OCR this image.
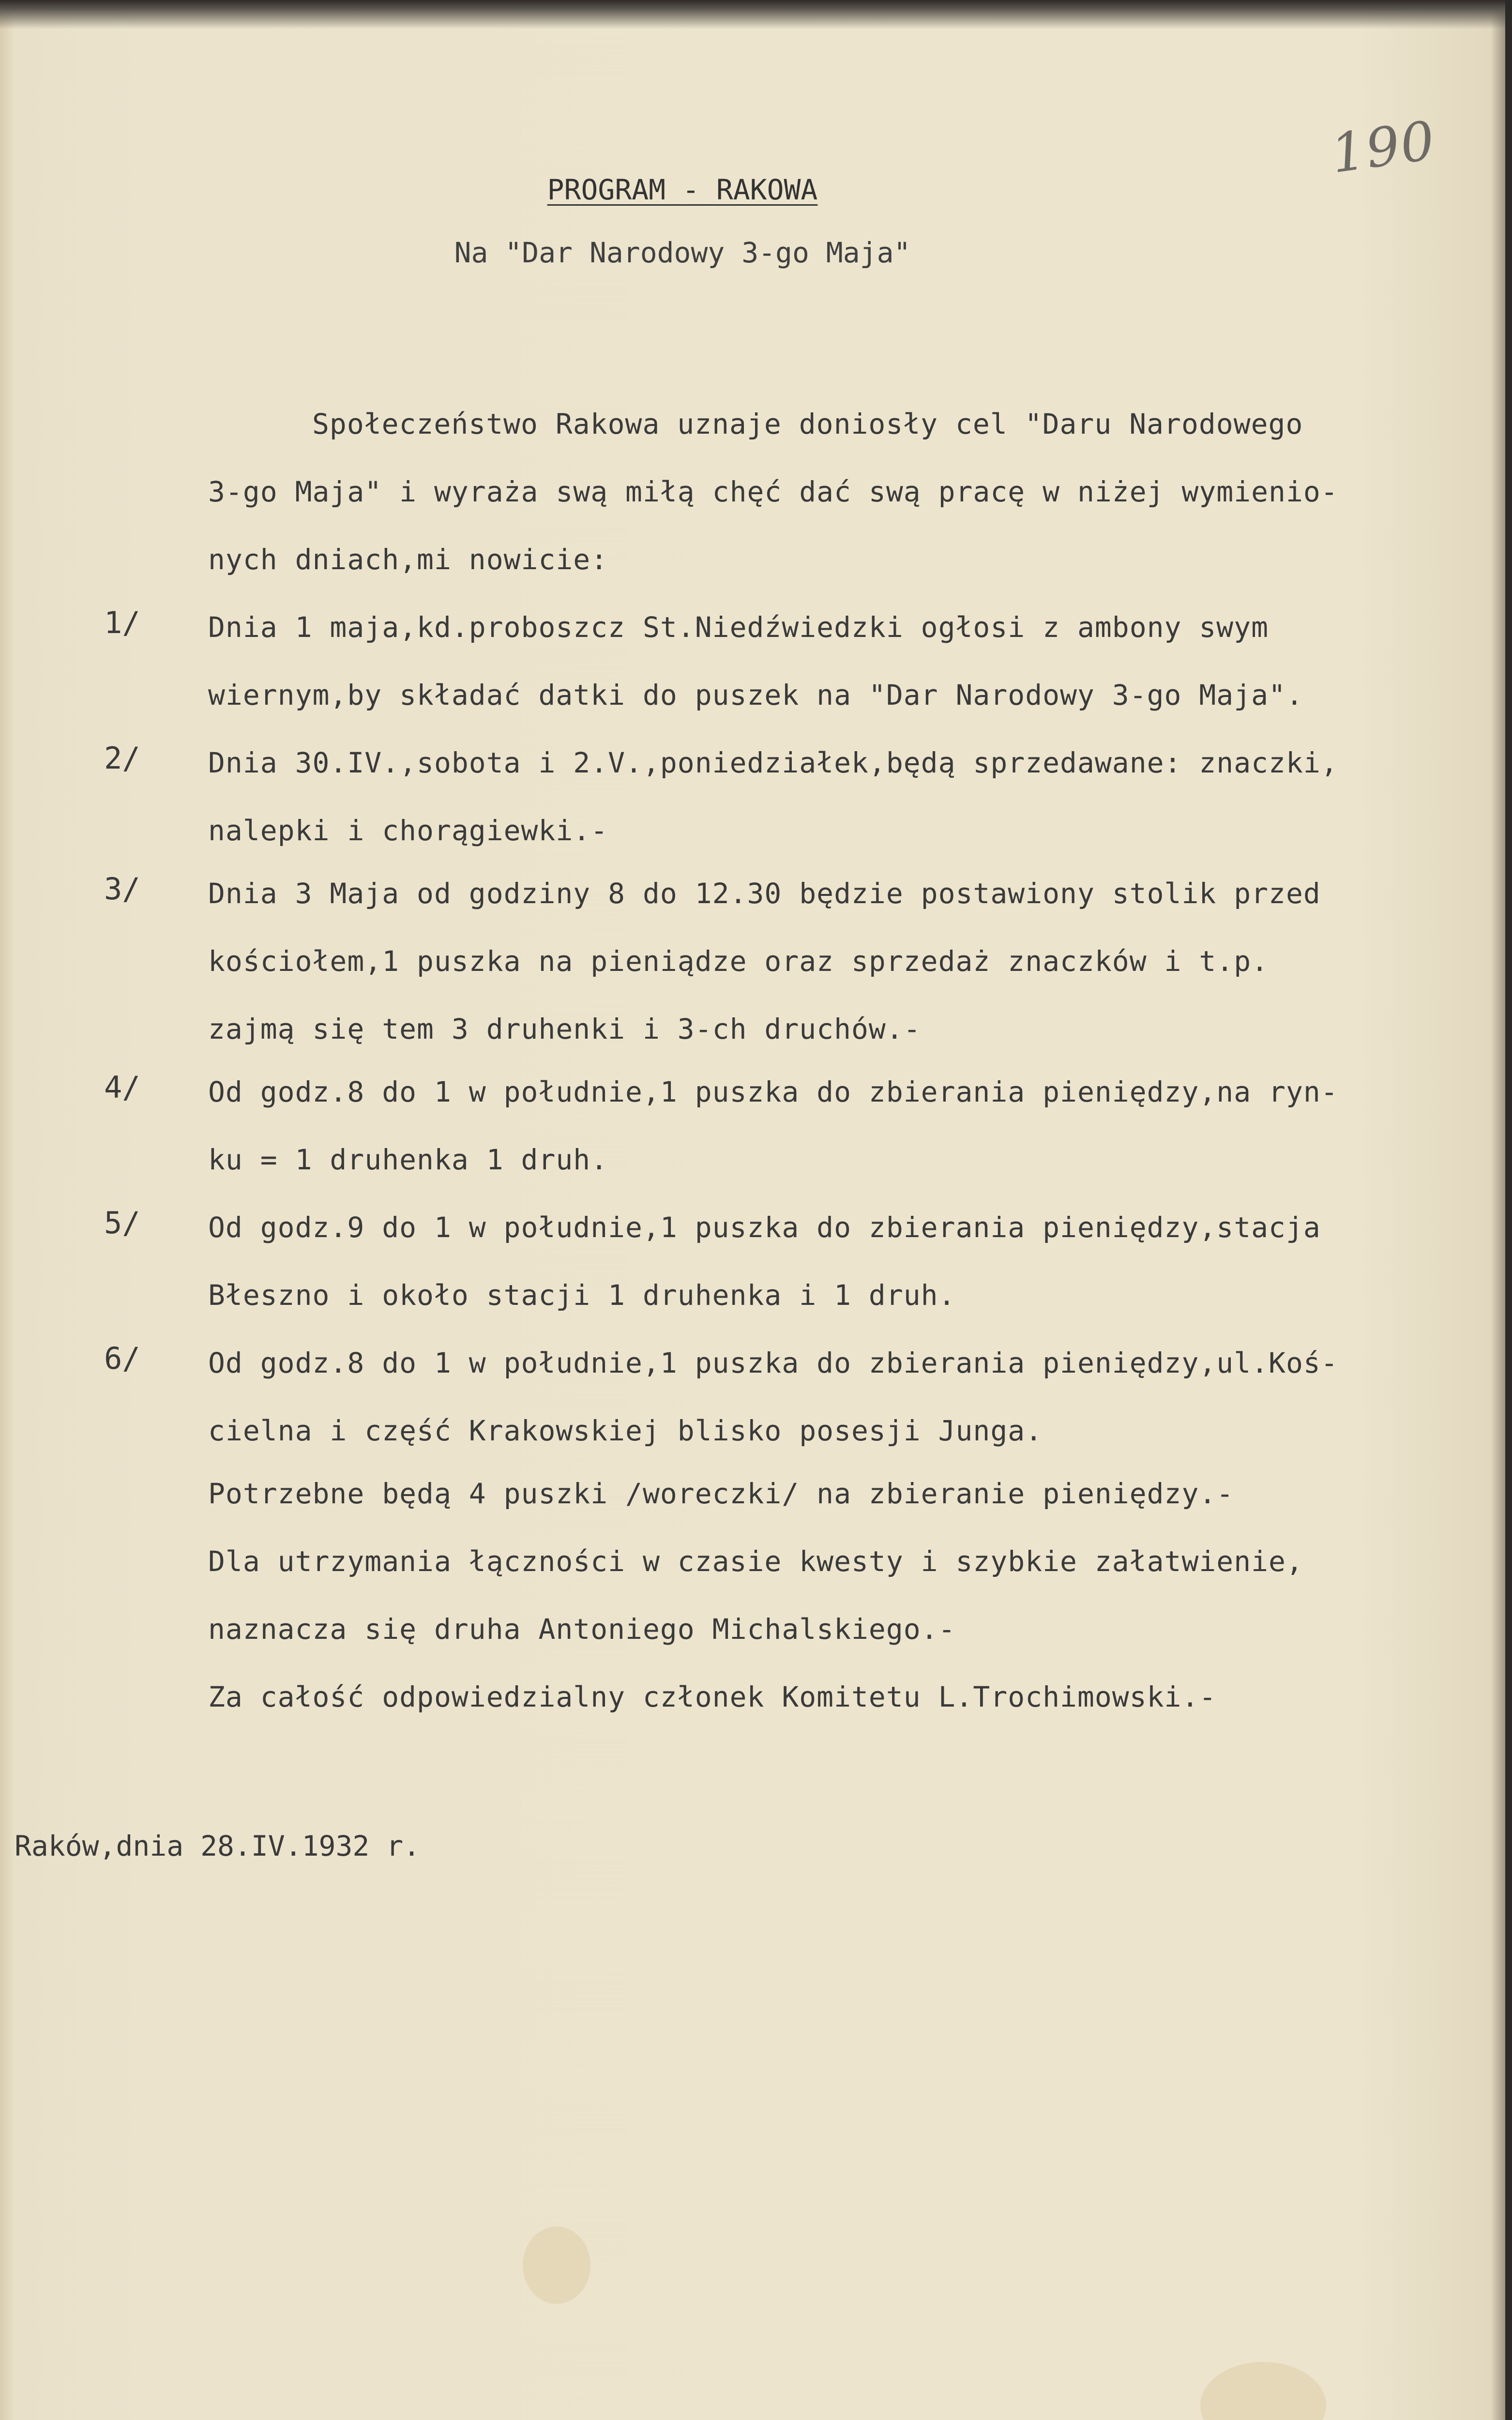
190
PROGRAM - RAKOWA
Na "Dar Narodowy 3-go Maja"
Społeczeństwo Rakowa uznaje doniosły cel "Daru Narodowego
3-go Maja" i wyraża swą miłą chęć dać swą pracę w niżej wymienio-
nych dniach,mi nowicie:
1/ Dnia 1 maja,kd.proboszcz St.Niedźwiedzki ogłosi z ambony swym
wiernym,by składać datki do puszek na "Dar Narodowy 3-go Maja".
2/ Dnia 30.IV.,sobota i 2.V.,poniedziałek,będą sprzedawane: znaczki,
nalepki i chorągiewki.-
3/ Dnia 3 Maja od godziny 8 do 12.30 będzie postawiony stolik przed
kościołem,1 puszka na pieniądze oraz sprzedaż znaczków i t.p.
zajmą się tem 3 druhenki i 3-ch druchów.-
4/ Od godz.8 do 1 w południe,1 puszka do zbierania pieniędzy,na ryn-
ku = 1 druhenka 1 druh.
5/ Od godz.9 do 1 w południe,1 puszka do zbierania pieniędzy,stacja
Błeszno i około stacji 1 druhenka i 1 druh.
6/ Od godz.8 do 1 w południe,1 puszka do zbierania pieniędzy,ul.Koś-
cielna i część Krakowskiej blisko posesji Junga.
Potrzebne będą 4 puszki /woreczki/ na zbieranie pieniędzy.-
Dla utrzymania łączności w czasie kwesty i szybkie załatwienie,
naznacza się druha Antoniego Michalskiego.-
Za całość odpowiedzialny członek Komitetu L.Trochimowski.-
Raków,dnia 28.IV.1932 r.
